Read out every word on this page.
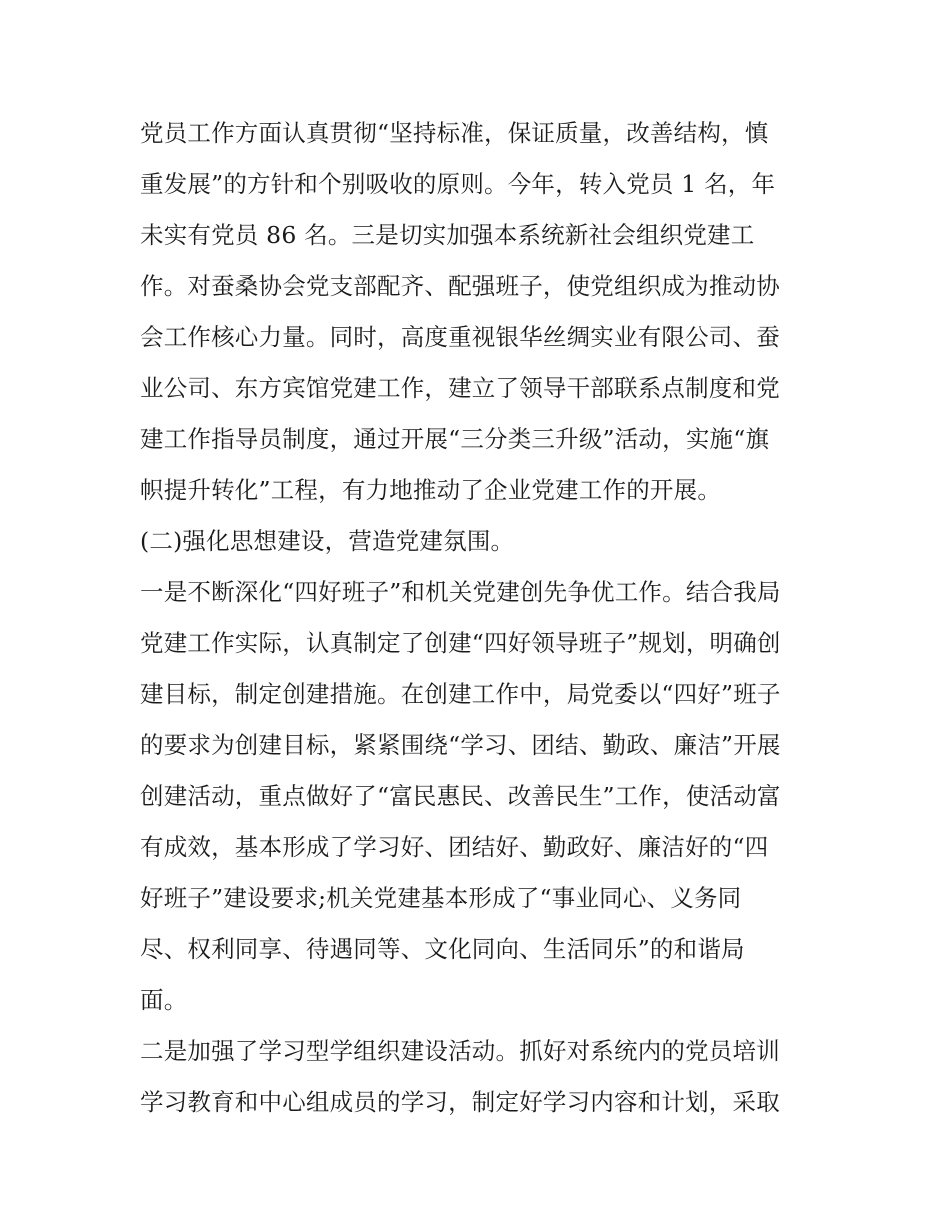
党员工作方面认真贯彻“坚持标准，保证质量，改善结构，慎
重发展”的方针和个别吸收的原则。今年，转入党员 1 名，年
未实有党员 86 名。三是切实加强本系统新社会组织党建工
作。对蚕桑协会党支部配齐、配强班子，使党组织成为推动协
会工作核心力量。同时，高度重视银华丝绸实业有限公司、蚕
业公司、东方宾馆党建工作，建立了领导干部联系点制度和党
建工作指导员制度，通过开展“三分类三升级”活动，实施“旗
帜提升转化”工程，有力地推动了企业党建工作的开展。
(二)强化思想建设，营造党建氛围。
一是不断深化“四好班子”和机关党建创先争优工作。结合我局
党建工作实际，认真制定了创建“四好领导班子”规划，明确创
建目标，制定创建措施。在创建工作中，局党委以“四好”班子
的要求为创建目标，紧紧围绕“学习、团结、勤政、廉洁”开展
创建活动，重点做好了“富民惠民、改善民生”工作，使活动富
有成效，基本形成了学习好、团结好、勤政好、廉洁好的“四
好班子”建设要求;机关党建基本形成了“事业同心、义务同
尽、权利同享、待遇同等、文化同向、生活同乐”的和谐局
面。
二是加强了学习型学组织建设活动。抓好对系统内的党员培训
学习教育和中心组成员的学习，制定好学习内容和计划，采取
